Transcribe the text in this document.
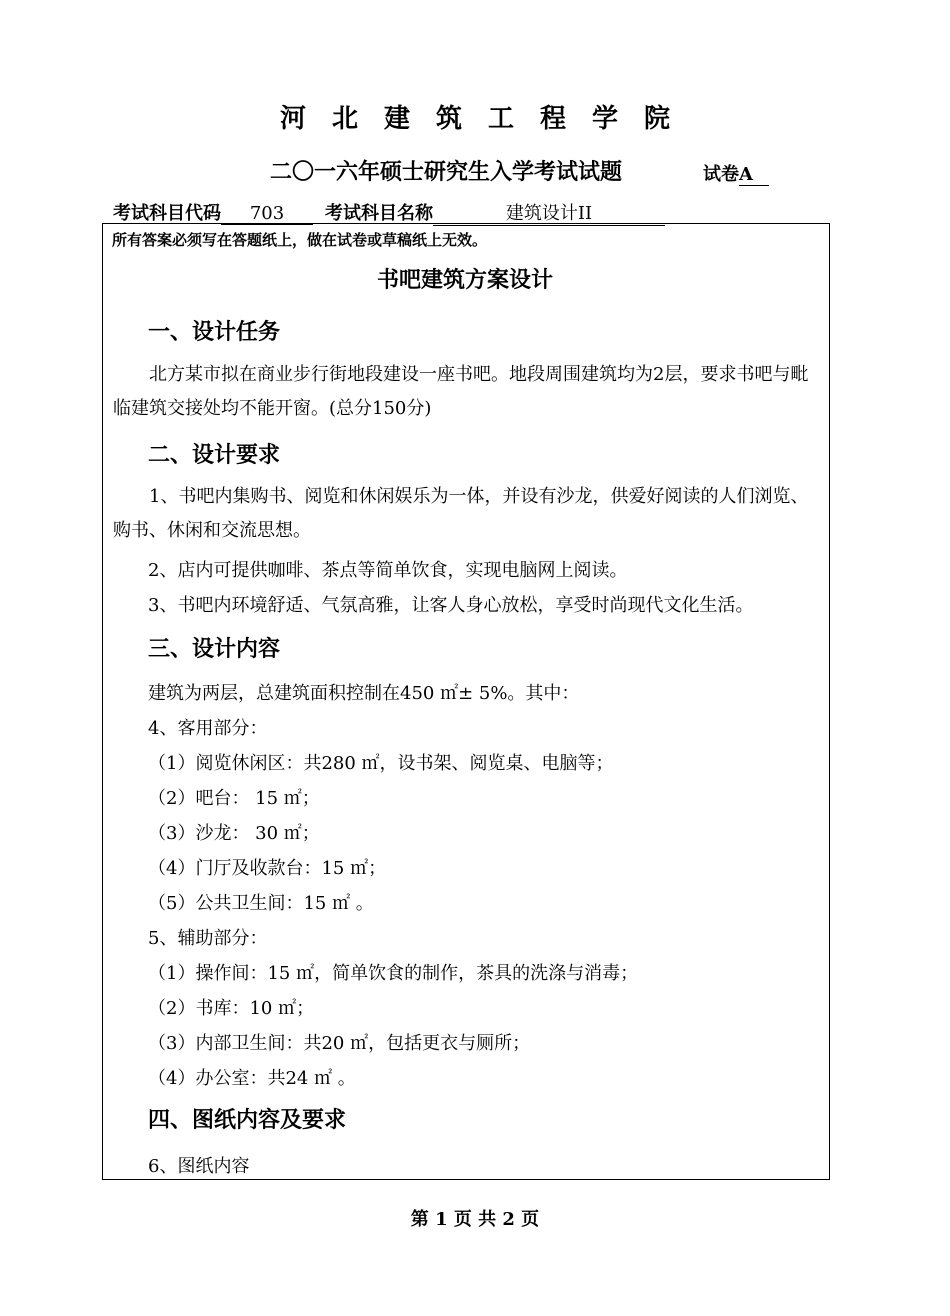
河北建筑工程学院
二〇一六年硕士研究生入学考试试题	试卷A
考试科目代码 703 考试科目名称	建筑设计II
所有答案必须写在答题纸上，做在试卷或草稿纸上无效。
书吧建筑方案设计
一、设计任务
北方某市拟在商业步行街地段建设一座书吧。地段周围建筑均为2层，要求书吧与毗临建筑交接处均不能开窗。(总分150分)
二、设计要求
1、书吧内集购书、阅览和休闲娱乐为一体，并设有沙龙，供爱好阅读的人们浏览、购书、休闲和交流思想。
2、店内可提供咖啡、茶点等简单饮食，实现电脑网上阅读。
3、书吧内环境舒适、气氛高雅，让客人身心放松，享受时尚现代文化生活。
三、设计内容
建筑为两层，总建筑面积控制在450 ㎡± 5%。其中：
4、客用部分：
（1）阅览休闲区：共280 ㎡，设书架、阅览桌、电脑等；
（2）吧台： 15 ㎡；
（3）沙龙： 30 ㎡；
（4）门厅及收款台：15 ㎡；
（5）公共卫生间：15 ㎡ 。
5、辅助部分：
（1）操作间：15 ㎡，简单饮食的制作，茶具的洗涤与消毒；
（2）书库：10 ㎡；
（3）内部卫生间：共20 ㎡，包括更衣与厕所；
（4）办公室：共24 ㎡ 。
四、图纸内容及要求
6、图纸内容
第 1 页 共 2 页
